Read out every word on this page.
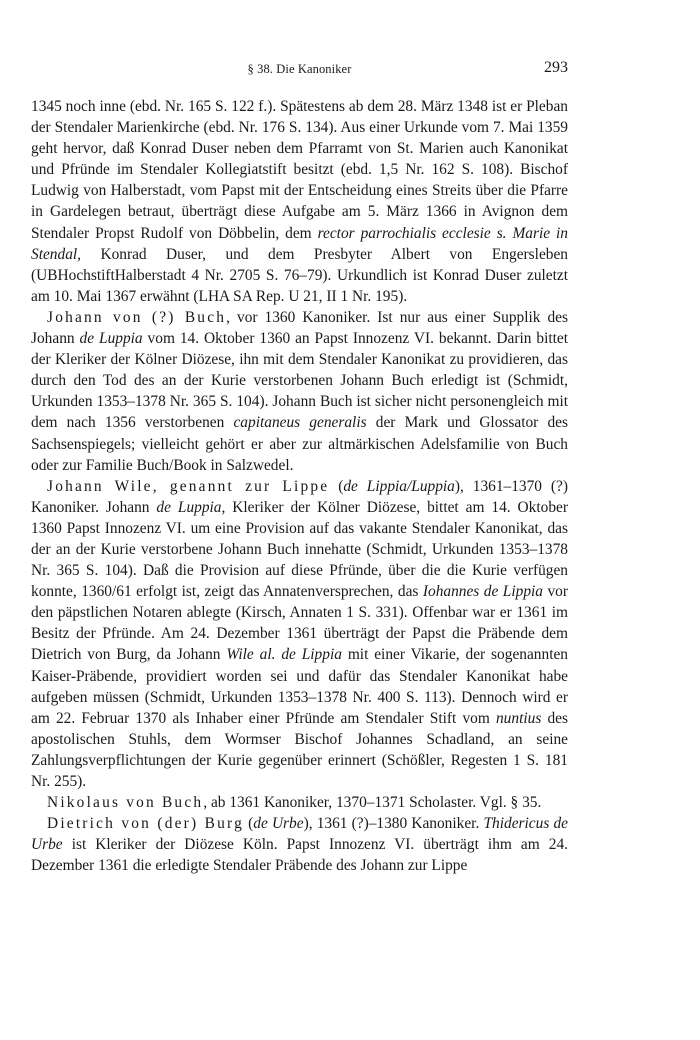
§ 38. Die Kanoniker	293

1345 noch inne (ebd. Nr. 165 S. 122 f.). Spätestens ab dem 28. März 1348 ist er Pleban der Stendaler Marienkirche (ebd. Nr. 176 S. 134). Aus einer Urkunde vom 7. Mai 1359 geht hervor, daß Konrad Duser neben dem Pfarramt von St. Marien auch Kanonikat und Pfründe im Stendaler Kollegiatstift besitzt (ebd. 1,5 Nr. 162 S. 108). Bischof Ludwig von Halberstadt, vom Papst mit der Entscheidung eines Streits über die Pfarre in Gardelegen betraut, überträgt diese Aufgabe am 5. März 1366 in Avignon dem Stendaler Propst Rudolf von Döbbelin, dem rector parrochialis ecclesie s. Marie in Stendal, Konrad Duser, und dem Presbyter Albert von Engersleben (UBHochstiftHalberstadt 4 Nr. 2705 S. 76–79). Urkundlich ist Konrad Duser zuletzt am 10. Mai 1367 erwähnt (LHA SA Rep. U 21, II 1 Nr. 195).

Johann von (?) Buch, vor 1360 Kanoniker. Ist nur aus einer Supplik des Johann de Luppia vom 14. Oktober 1360 an Papst Innozenz VI. bekannt. Darin bittet der Kleriker der Kölner Diözese, ihn mit dem Stendaler Kanonikat zu providieren, das durch den Tod des an der Kurie verstorbenen Johann Buch erledigt ist (Schmidt, Urkunden 1353–1378 Nr. 365 S. 104). Johann Buch ist sicher nicht personengleich mit dem nach 1356 verstorbenen capitaneus generalis der Mark und Glossator des Sachsenspiegels; vielleicht gehört er aber zur altmärkischen Adelsfamilie von Buch oder zur Familie Buch/Book in Salzwedel.

Johann Wile, genannt zur Lippe (de Lippia/Luppia), 1361–1370 (?) Kanoniker. Johann de Luppia, Kleriker der Kölner Diözese, bittet am 14. Oktober 1360 Papst Innozenz VI. um eine Provision auf das vakante Stendaler Kanonikat, das der an der Kurie verstorbene Johann Buch innehatte (Schmidt, Urkunden 1353–1378 Nr. 365 S. 104). Daß die Provision auf diese Pfründe, über die die Kurie verfügen konnte, 1360/61 erfolgt ist, zeigt das Annatenversprechen, das Iohannes de Lippia vor den päpstlichen Notaren ablegte (Kirsch, Annaten 1 S. 331). Offenbar war er 1361 im Besitz der Pfründe. Am 24. Dezember 1361 überträgt der Papst die Präbende dem Dietrich von Burg, da Johann Wile al. de Lippia mit einer Vikarie, der sogenannten Kaiser-Präbende, providiert worden sei und dafür das Stendaler Kanonikat habe aufgeben müssen (Schmidt, Urkunden 1353–1378 Nr. 400 S. 113). Dennoch wird er am 22. Februar 1370 als Inhaber einer Pfründe am Stendaler Stift vom nuntius des apostolischen Stuhls, dem Wormser Bischof Johannes Schadland, an seine Zahlungsverpflichtungen der Kurie gegenüber erinnert (Schößler, Regesten 1 S. 181 Nr. 255).

Nikolaus von Buch, ab 1361 Kanoniker, 1370–1371 Scholaster. Vgl. § 35.

Dietrich von (der) Burg (de Urbe), 1361 (?)–1380 Kanoniker. Thidericus de Urbe ist Kleriker der Diözese Köln. Papst Innozenz VI. überträgt ihm am 24. Dezember 1361 die erledigte Stendaler Präbende des Johann zur Lippe
